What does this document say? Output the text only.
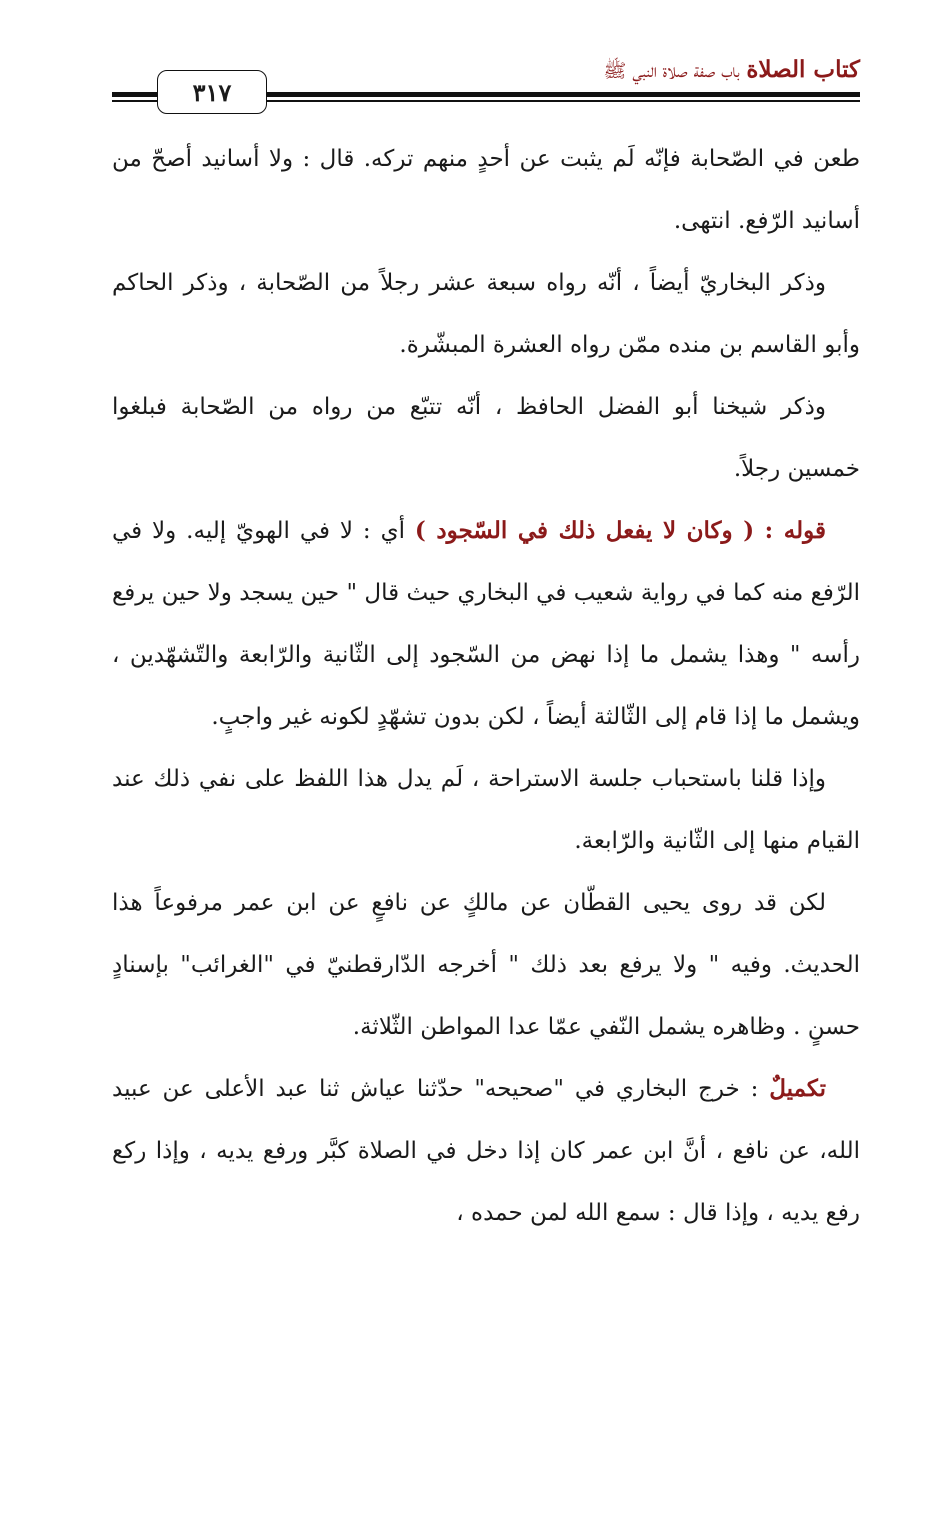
كتاب الصلاة باب صفة صلاة النبي ﷺ
٣١٧

طعن في الصّحابة فإنّه لَم يثبت عن أحدٍ منهم تركه. قال : ولا أسانيد أصحّ من أسانيد الرّفع. انتهى.

وذكر البخاريّ أيضاً ، أنّه رواه سبعة عشر رجلاً من الصّحابة ، وذكر الحاكم وأبو القاسم بن منده ممّن رواه العشرة المبشّرة.

وذكر شيخنا أبو الفضل الحافظ ، أنّه تتبّع من رواه من الصّحابة فبلغوا خمسين رجلاً.

قوله : ( وكان لا يفعل ذلك في السّجود ) أي : لا في الهويّ إليه. ولا في الرّفع منه كما في رواية شعيب في البخاري حيث قال " حين يسجد ولا حين يرفع رأسه " وهذا يشمل ما إذا نهض من السّجود إلى الثّانية والرّابعة والتّشهّدين ، ويشمل ما إذا قام إلى الثّالثة أيضاً ، لكن بدون تشهّدٍ لكونه غير واجبٍ.

وإذا قلنا باستحباب جلسة الاستراحة ، لَم يدل هذا اللفظ على نفي ذلك عند القيام منها إلى الثّانية والرّابعة.

لكن قد روى يحيى القطّان عن مالكٍ عن نافعٍ عن ابن عمر مرفوعاً هذا الحديث. وفيه " ولا يرفع بعد ذلك " أخرجه الدّارقطنيّ في "الغرائب" بإسنادٍ حسنٍ . وظاهره يشمل النّفي عمّا عدا المواطن الثّلاثة.

تكميلٌ : خرج البخاري في "صحيحه" حدّثنا عياش ثنا عبد الأعلى عن عبيد الله، عن نافع ، أنَّ ابن عمر كان إذا دخل في الصلاة كبَّر ورفع يديه ، وإذا ركع رفع يديه ، وإذا قال : سمع الله لمن حمده ،
